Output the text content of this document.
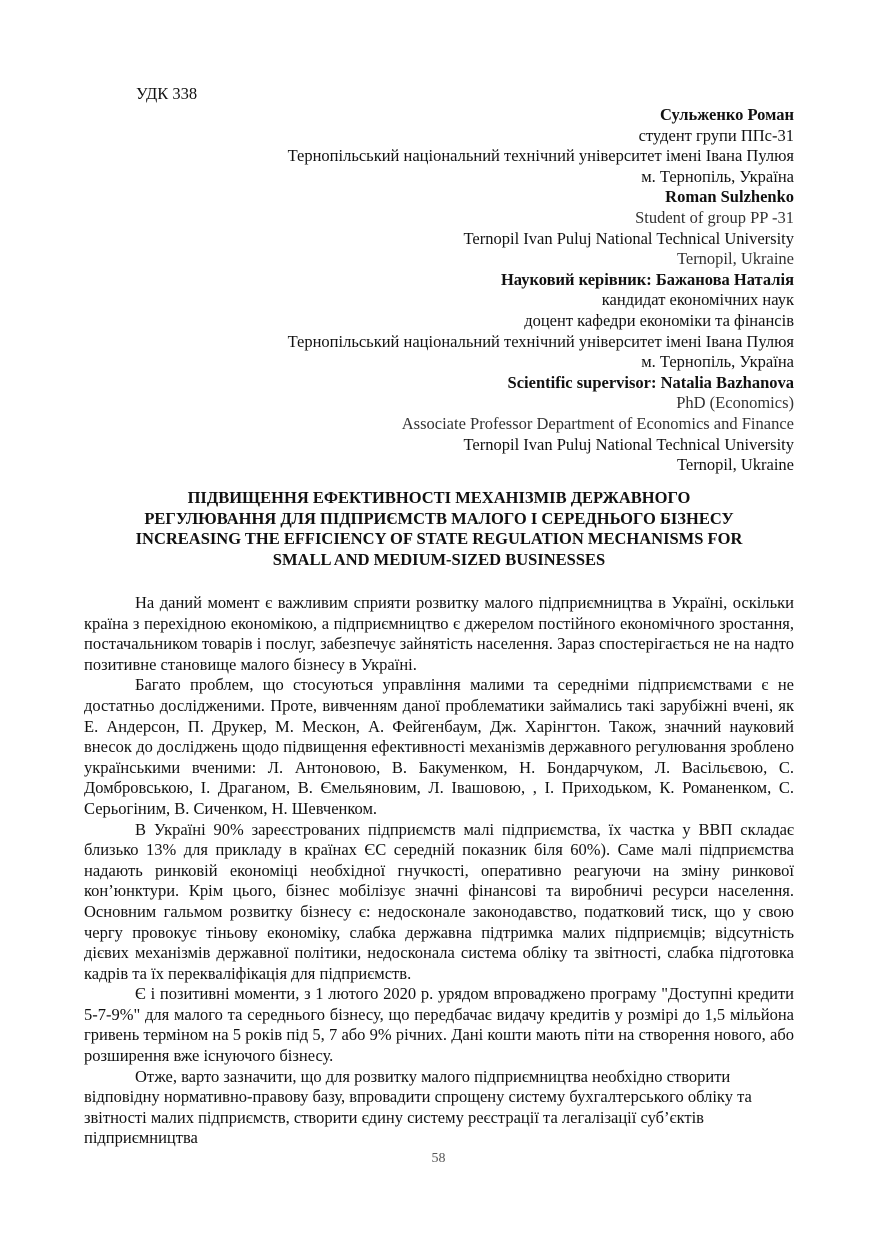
УДК 338
Сульженко Роман
студент групи ППс-31
Тернопільський національний технічний університет імені Івана Пулюя
м. Тернопіль, Україна
Roman Sulzhenko
Student of group PP -31
Ternopil Ivan Puluj National Technical University
Ternopil, Ukraine
Науковий керівник: Бажанова Наталія
кандидат економічних наук
доцент кафедри економіки та фінансів
Тернопільський національний технічний університет імені Івана Пулюя
м. Тернопіль, Україна
Scientific supervisor: Natalia Bazhanova
PhD (Economics)
Associate Professor Department of Economics and Finance
Ternopil Ivan Puluj National Technical University
Ternopil, Ukraine
ПІДВИЩЕННЯ ЕФЕКТИВНОСТІ МЕХАНІЗМІВ ДЕРЖАВНОГО
РЕГУЛЮВАННЯ ДЛЯ ПІДПРИЄМСТВ МАЛОГО І СЕРЕДНЬОГО БІЗНЕСУ
INCREASING THE EFFICIENCY OF STATE REGULATION MECHANISMS FOR
SMALL AND MEDIUM-SIZED BUSINESSES

На даний момент є важливим сприяти розвитку малого підприємництва в Україні, оскільки країна з перехідною економікою, а підприємництво є джерелом постійного економічного зростання, постачальником товарів і послуг, забезпечує зайнятість населення. Зараз спостерігається не на надто позитивне становище малого бізнесу в Україні.

Багато проблем, що стосуються управління малими та середніми підприємствами є не достатньо дослідженими. Проте, вивченням даної проблематики займались такі зарубіжні вчені, як Е. Андерсон, П. Друкер, М. Мескон, А. Фейгенбаум, Дж. Харінгтон. Також, значний науковий внесок до досліджень щодо підвищення ефективності механізмів державного регулювання зроблено українськими вченими: Л. Антоновою, В. Бакуменком, Н. Бондарчуком, Л. Васільєвою, С. Домбровською, І. Драганом, В. Ємельяновим, Л. Івашовою, , І. Приходьком, К. Романенком, С. Серьогіним, В. Сиченком, Н. Шевченком.

В Україні 90% зареєстрованих підприємств малі підприємства, їх частка у ВВП складає близько 13% для прикладу в країнах ЄС середній показник біля 60%). Саме малі підприємства надають ринковій економіці необхідної гнучкості, оперативно реагуючи на зміну ринкової кон’юнктури. Крім цього, бізнес мобілізує значні фінансові та виробничі ресурси населення. Основним гальмом розвитку бізнесу є: недосконале законодавство, податковий тиск, що у свою чергу провокує тіньову економіку, слабка державна підтримка малих підприємців; відсутність дієвих механізмів державної політики, недосконала система обліку та звітності, слабка підготовка кадрів та їх перекваліфікація для підприємств.

Є і позитивні моменти, з 1 лютого 2020 р. урядом впроваджено програму "Доступні кредити 5-7-9%" для малого та середнього бізнесу, що передбачає видачу кредитів у розмірі до 1,5 мільйона гривень терміном на 5 років під 5, 7 або 9% річних. Дані кошти мають піти на створення нового, або розширення вже існуючого бізнесу.

Отже, варто зазначити, що для розвитку малого підприємництва необхідно створити відповідну нормативно-правову базу, впровадити спрощену систему бухгалтерського обліку та звітності малих підприємств, створити єдину систему реєстрації та легалізації суб’єктів підприємництва

58
